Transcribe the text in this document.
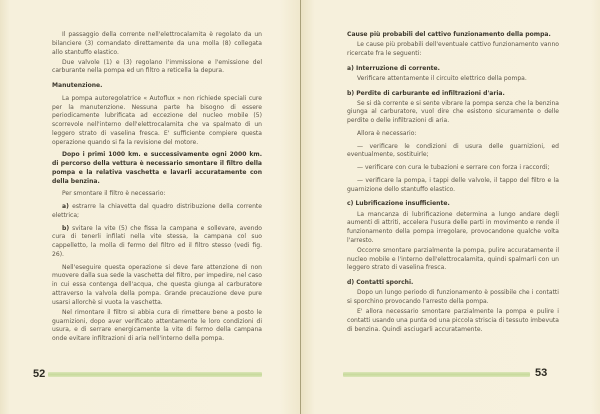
Il passaggio della corrente nell'elettrocalamita è regolato da un bilanciere (3) comandato direttamente da una molla (8) collegata allo stantuffo elastico.

Due valvole (1) e (3) regolano l'immissione e l'emissione del carburante nella pompa ed un filtro a reticella la depura.

Manutenzione.

La pompa autoregolatrice « Autoflux » non richiede speciali cure per la manutenzione. Nessuna parte ha bisogno di essere periodicamente lubrificata ad eccezione del nucleo mobile (5) scorrevole nell'interno dell'elettrocalamita che va spalmato di un leggero strato di vaselina fresca. E' sufficiente compiere questa operazione quando si fa la revisione del motore.

Dopo i primi 1000 km. e successivamente ogni 2000 km. di percorso della vettura è necessario smontare il filtro della pompa e la relativa vaschetta e lavarli accuratamente con della benzina.

Per smontare il filtro è necessario:

a) estrarre la chiavetta dal quadro distribuzione della corrente elettrica;

b) svitare la vite (5) che fissa la campana e sollevare, avendo cura di tenerli infilati nella vite stessa, la campana col suo cappelletto, la molla di fermo del filtro ed il filtro stesso (vedi fig. 26).

Nell'eseguire questa operazione si deve fare attenzione di non muovere dalla sua sede la vaschetta del filtro, per impedire, nel caso in cui essa contenga dell'acqua, che questa giunga al carburatore attraverso la valvola della pompa. Grande precauzione deve pure usarsi allorchè si vuota la vaschetta.

Nel rimontare il filtro si abbia cura di rimettere bene a posto le guarnizioni, dopo aver verificato attentamente le loro condizioni di usura, e di serrare energicamente la vite di fermo della campana onde evitare infiltrazioni di aria nell'interno della pompa.

52

Cause più probabili del cattivo funzionamento della pompa.

Le cause più probabili dell'eventuale cattivo funzionamento vanno ricercate fra le seguenti:

a) Interruzione di corrente.

Verificare attentamente il circuito elettrico della pompa.

b) Perdite di carburante ed infiltrazioni d'aria.

Se si dà corrente e si sente vibrare la pompa senza che la benzina giunga al carburatore, vuol dire che esistono sicuramente o delle perdite o delle infiltrazioni di aria.

Allora è necessario:

— verificare le condizioni di usura delle guarnizioni, ed eventualmente, sostituirle;

— verificare con cura le tubazioni e serrare con forza i raccordi;

— verificare la pompa, i tappi delle valvole, il tappo del filtro e la guarnizione dello stantuffo elastico.

c) Lubrificazione insufficiente.

La mancanza di lubrificazione determina a lungo andare degli aumenti di attriti, accelera l'usura delle parti in movimento e rende il funzionamento della pompa irregolare, provocandone qualche volta l'arresto.

Occorre smontare parzialmente la pompa, pulire accuratamente il nucleo mobile e l'interno dell'elettrocalamita, quindi spalmarli con un leggero strato di vaselina fresca.

d) Contatti sporchi.

Dopo un lungo periodo di funzionamento è possibile che i contatti si sporchino provocando l'arresto della pompa.

E' allora necessario smontare parzialmente la pompa e pulire i contatti usando una punta od una piccola striscia di tessuto imbevuta di benzina. Quindi asciugarli accuratamente.

53
